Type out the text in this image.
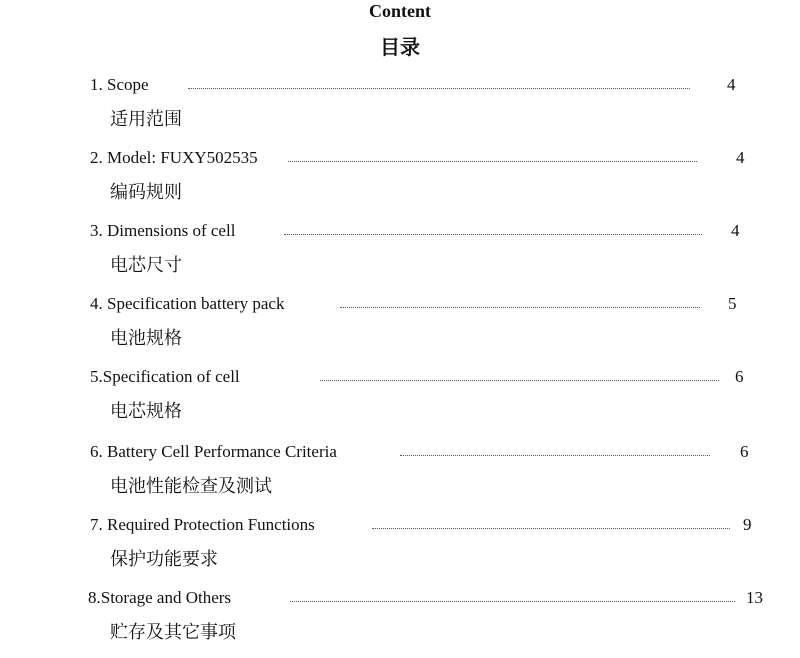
Content
目录
1. Scope	4
适用范围
2. Model: FUXY502535	4
编码规则
3. Dimensions of cell	4
电芯尺寸
4. Specification battery pack	5
电池规格
5.Specification of cell	6
电芯规格
6. Battery Cell Performance Criteria	6
电池性能检查及测试
7. Required Protection Functions	9
保护功能要求
8.Storage and Others	13
贮存及其它事项
